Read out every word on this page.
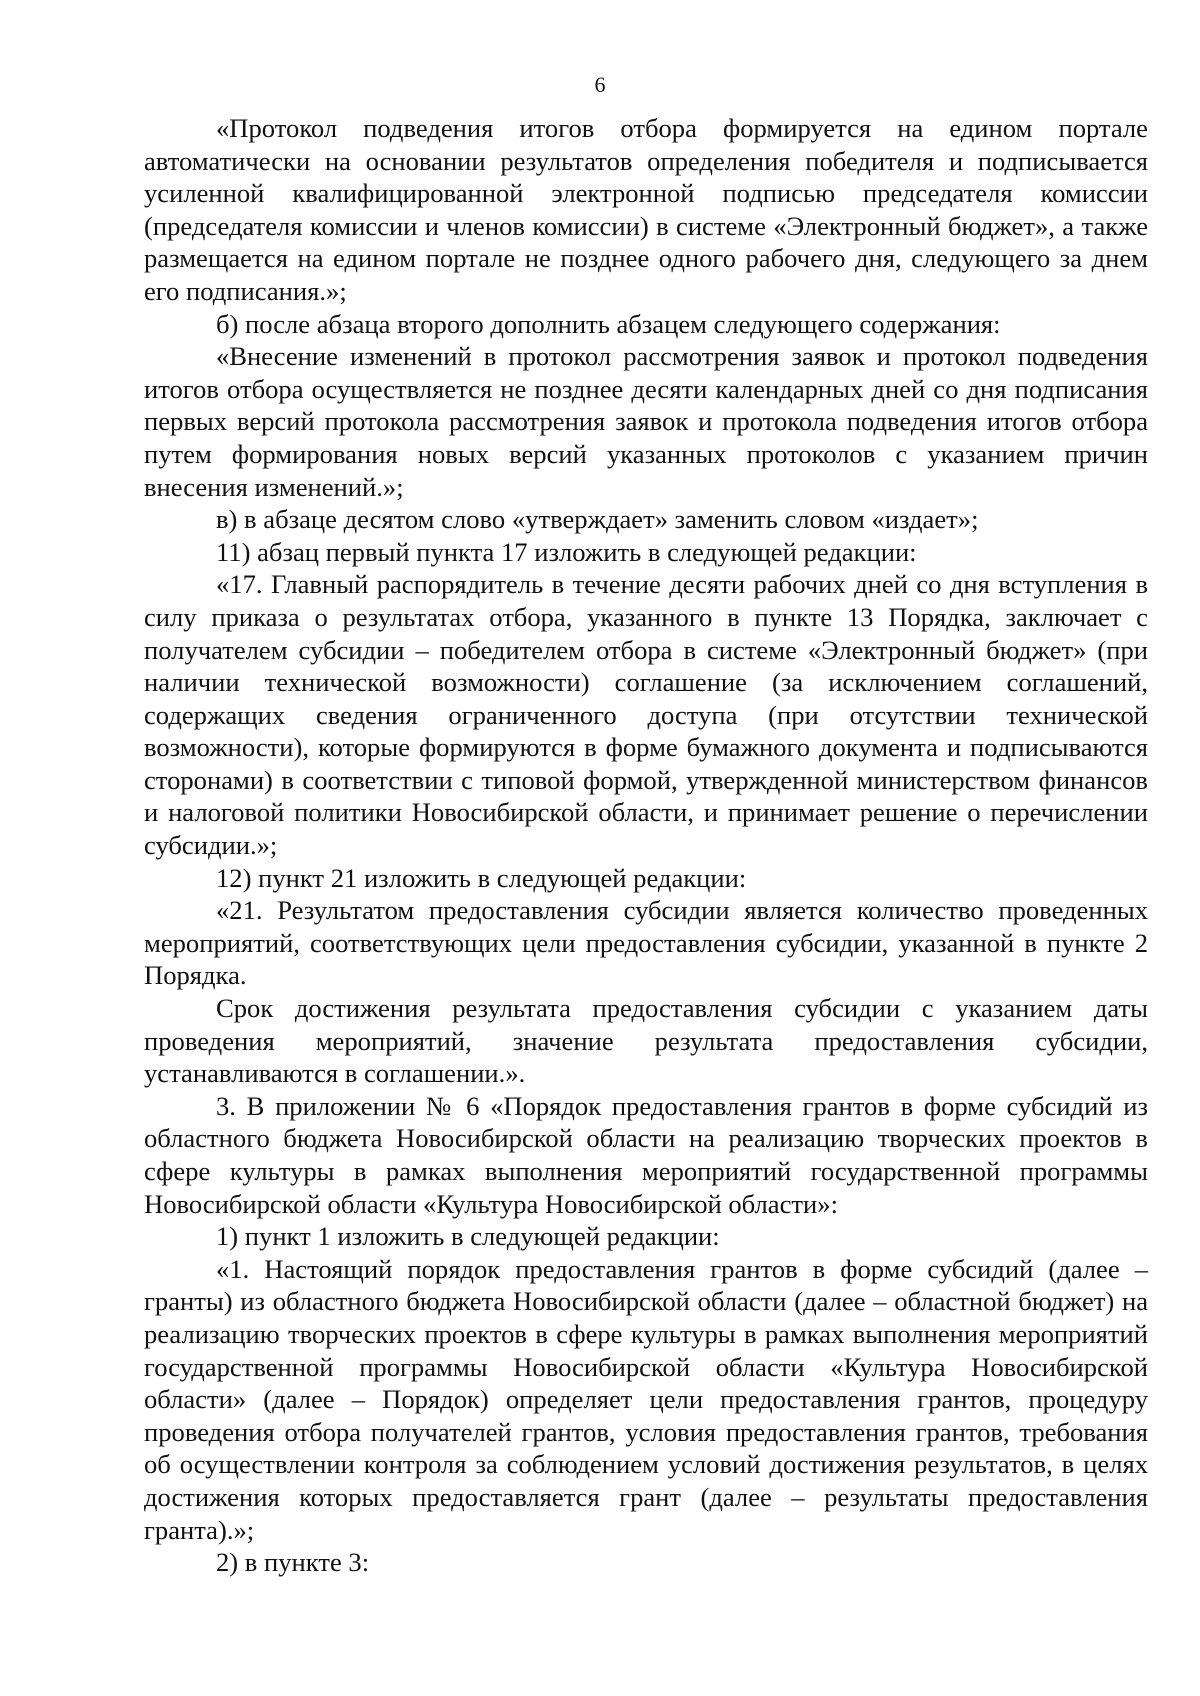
6

«Протокол подведения итогов отбора формируется на едином портале автоматически на основании результатов определения победителя и подписывается усиленной квалифицированной электронной подписью председателя комиссии (председателя комиссии и членов комиссии) в системе «Электронный бюджет», а также размещается на едином портале не позднее одного рабочего дня, следующего за днем его подписания.»;

б) после абзаца второго дополнить абзацем следующего содержания:

«Внесение изменений в протокол рассмотрения заявок и протокол подведения итогов отбора осуществляется не позднее десяти календарных дней со дня подписания первых версий протокола рассмотрения заявок и протокола подведения итогов отбора путем формирования новых версий указанных протоколов с указанием причин внесения изменений.»;

в) в абзаце десятом слово «утверждает» заменить словом «издает»;

11) абзац первый пункта 17 изложить в следующей редакции:

«17. Главный распорядитель в течение десяти рабочих дней со дня вступления в силу приказа о результатах отбора, указанного в пункте 13 Порядка, заключает с получателем субсидии – победителем отбора в системе «Электронный бюджет» (при наличии технической возможности) соглашение (за исключением соглашений, содержащих сведения ограниченного доступа (при отсутствии технической возможности), которые формируются в форме бумажного документа и подписываются сторонами) в соответствии с типовой формой, утвержденной министерством финансов и налоговой политики Новосибирской области, и принимает решение о перечислении субсидии.»;

12) пункт 21 изложить в следующей редакции:

«21. Результатом предоставления субсидии является количество проведенных мероприятий, соответствующих цели предоставления субсидии, указанной в пункте 2 Порядка.

Срок достижения результата предоставления субсидии с указанием даты проведения мероприятий, значение результата предоставления субсидии, устанавливаются в соглашении.».

3. В приложении № 6 «Порядок предоставления грантов в форме субсидий из областного бюджета Новосибирской области на реализацию творческих проектов в сфере культуры в рамках выполнения мероприятий государственной программы Новосибирской области «Культура Новосибирской области»:

1) пункт 1 изложить в следующей редакции:

«1. Настоящий порядок предоставления грантов в форме субсидий (далее – гранты) из областного бюджета Новосибирской области (далее – областной бюджет) на реализацию творческих проектов в сфере культуры в рамках выполнения мероприятий государственной программы Новосибирской области «Культура Новосибирской области» (далее – Порядок) определяет цели предоставления грантов, процедуру проведения отбора получателей грантов, условия предоставления грантов, требования об осуществлении контроля за соблюдением условий достижения результатов, в целях достижения которых предоставляется грант (далее – результаты предоставления гранта).»;

2) в пункте 3:
